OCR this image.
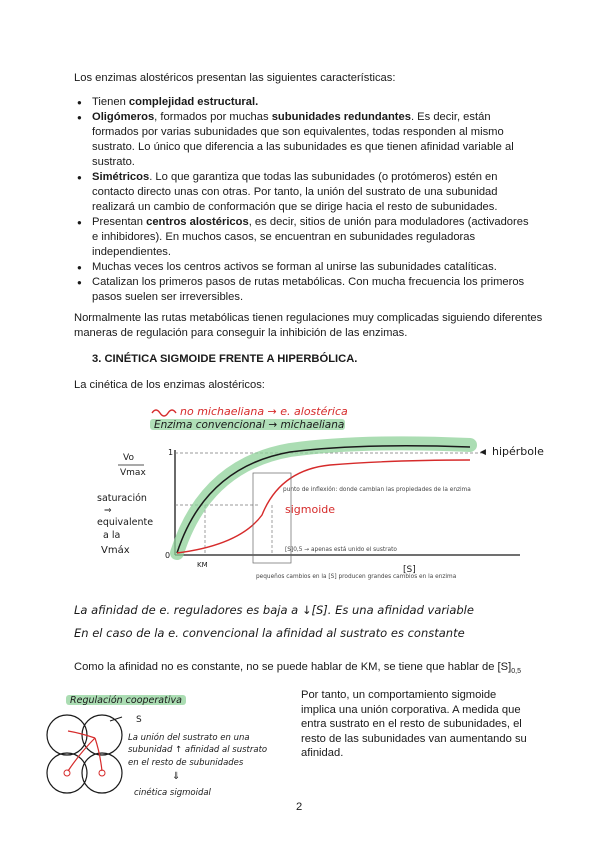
Los enzimas alostéricos presentan las siguientes características:
● Tienen complejidad estructural.
● Oligómeros, formados por muchas subunidades redundantes. Es decir, están formados por varias subunidades que son equivalentes, todas responden al mismo sustrato. Lo único que diferencia a las subunidades es que tienen afinidad variable al sustrato.
● Simétricos. Lo que garantiza que todas las subunidades (o protómeros) estén en contacto directo unas con otras. Por tanto, la unión del sustrato de una subunidad realizará un cambio de conformación que se dirige hacia el resto de subunidades.
● Presentan centros alostéricos, es decir, sitios de unión para moduladores (activadores e inhibidores). En muchos casos, se encuentran en subunidades reguladoras independientes.
● Muchas veces los centros activos se forman al unirse las subunidades catalíticas.
● Catalizan los primeros pasos de rutas metabólicas. Con mucha frecuencia los primeros pasos suelen ser irreversibles.
Normalmente las rutas metabólicas tienen regulaciones muy complicadas siguiendo diferentes maneras de regulación para conseguir la inhibición de las enzimas.
3. CINÉTICA SIGMOIDE FRENTE A HIPERBÓLICA.
La cinética de los enzimas alostéricos:
no michaeliana → e. alostérica
Enzima convencional → michaeliana
1
0
hipérbole
◄
sigmoide
punto de inflexión: donde cambian las propiedades de la enzima
[S]0,5 → apenas está unido el sustrato
pequeños cambios en la [S] producen grandes cambios en la enzima
KM	[S]
Vo
Vmax
saturación
⇒
equivalente
a la
Vmáx
La afinidad de e. reguladores es baja a ↓[S]. Es una afinidad variable
En el caso de la e. convencional la afinidad al sustrato es constante
Como la afinidad no es constante, no se puede hablar de KM, se tiene que hablar de $[S]_{0,5}$
Regulación cooperativa
S
La unión del sustrato en una
subunidad ↑ afinidad al sustrato
en el resto de subunidades
⇓
cinética sigmoidal
Por tanto, un comportamiento sigmoide implica una unión corporativa. A medida que entra sustrato en el resto de subunidades, el resto de las subunidades van aumentando su afinidad.
2
